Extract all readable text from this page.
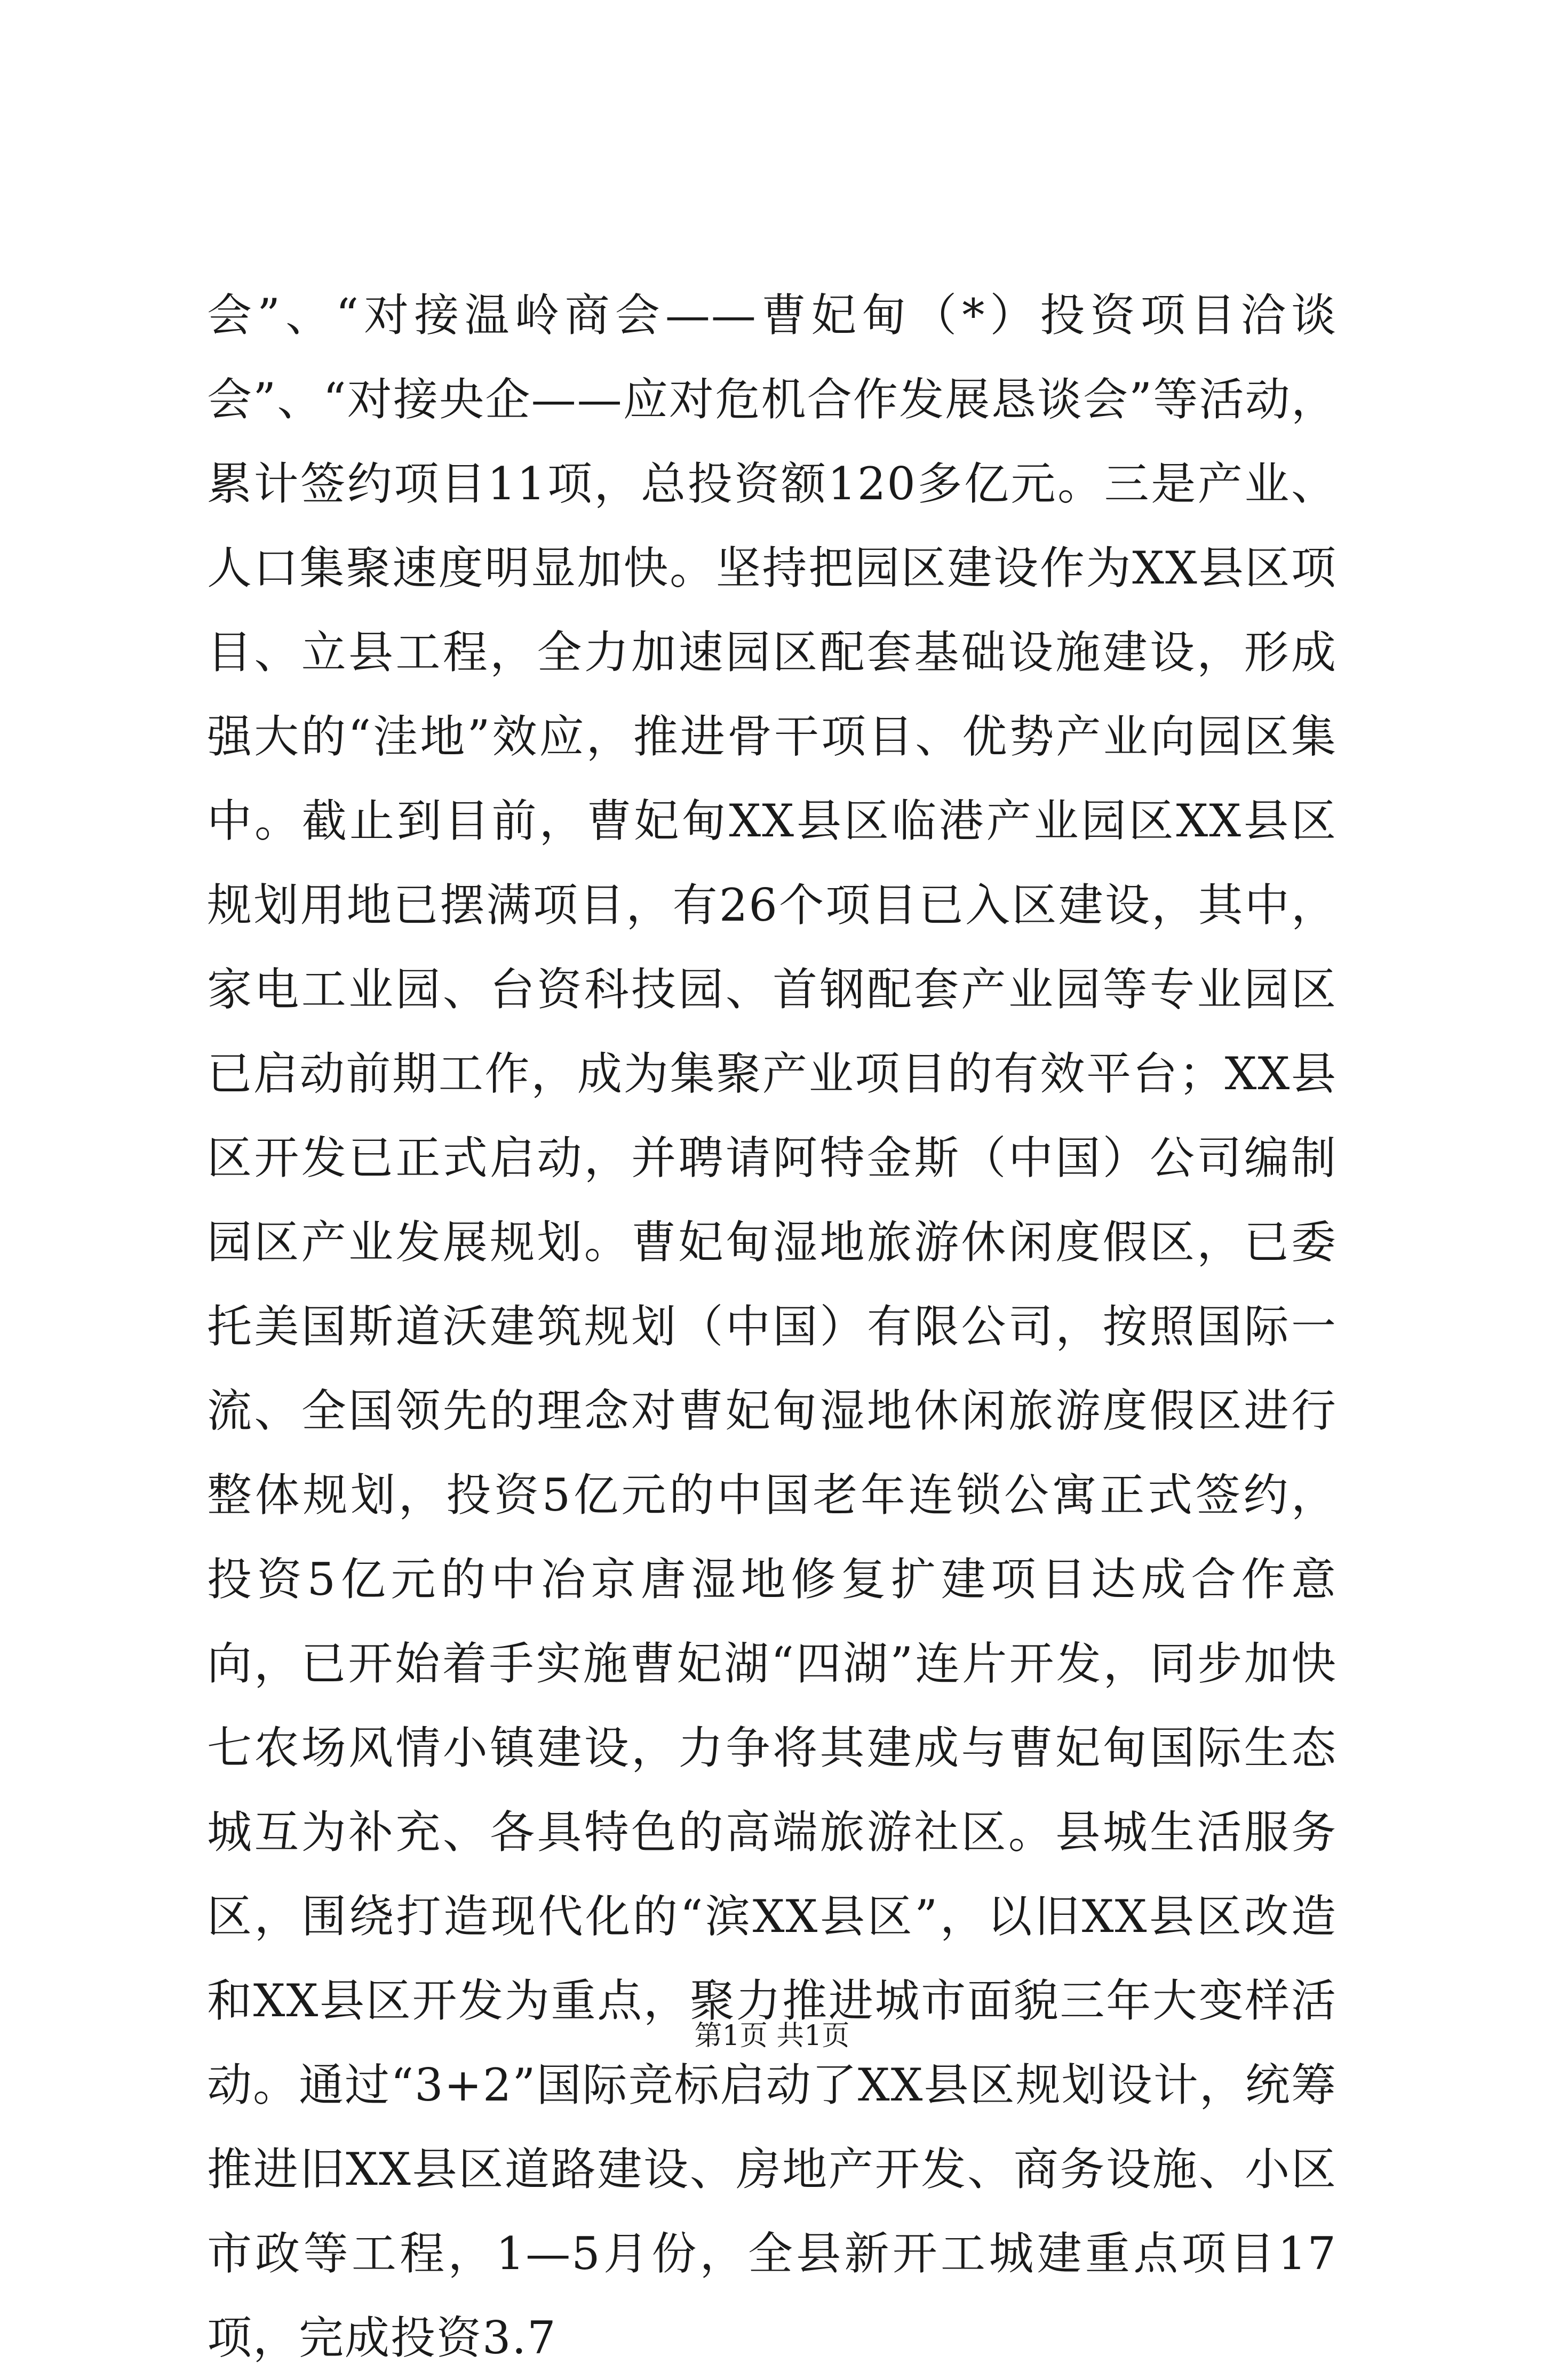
会”、“对接温岭商会——曹妃甸（*）投资项目洽谈会”、“对接央企——应对危机合作发展恳谈会”等活动，累计签约项目11项，总投资额120多亿元。三是产业、人口集聚速度明显加快。坚持把园区建设作为XX县区项目、立县工程，全力加速园区配套基础设施建设，形成强大的“洼地”效应，推进骨干项目、优势产业向园区集中。截止到目前，曹妃甸XX县区临港产业园区XX县区规划用地已摆满项目，有26个项目已入区建设，其中，家电工业园、台资科技园、首钢配套产业园等专业园区已启动前期工作，成为集聚产业项目的有效平台；XX县区开发已正式启动，并聘请阿特金斯（中国）公司编制园区产业发展规划。曹妃甸湿地旅游休闲度假区，已委托美国斯道沃建筑规划（中国）有限公司，按照国际一流、全国领先的理念对曹妃甸湿地休闲旅游度假区进行整体规划，投资5亿元的中国老年连锁公寓正式签约，投资5亿元的中冶京唐湿地修复扩建项目达成合作意向，已开始着手实施曹妃湖“四湖”连片开发，同步加快七农场风情小镇建设，力争将其建成与曹妃甸国际生态城互为补充、各具特色的高端旅游社区。县城生活服务区，围绕打造现代化的“滨XX县区”，以旧XX县区改造和XX县区开发为重点，聚力推进城市面貌三年大变样活动。通过“3+2”国际竞标启动了XX县区规划设计，统筹推进旧XX县区道路建设、房地产开发、商务设施、小区市政等工程，1—5月份，全县新开工城建重点项目17项，完成投资3.7

第1页 共1页
